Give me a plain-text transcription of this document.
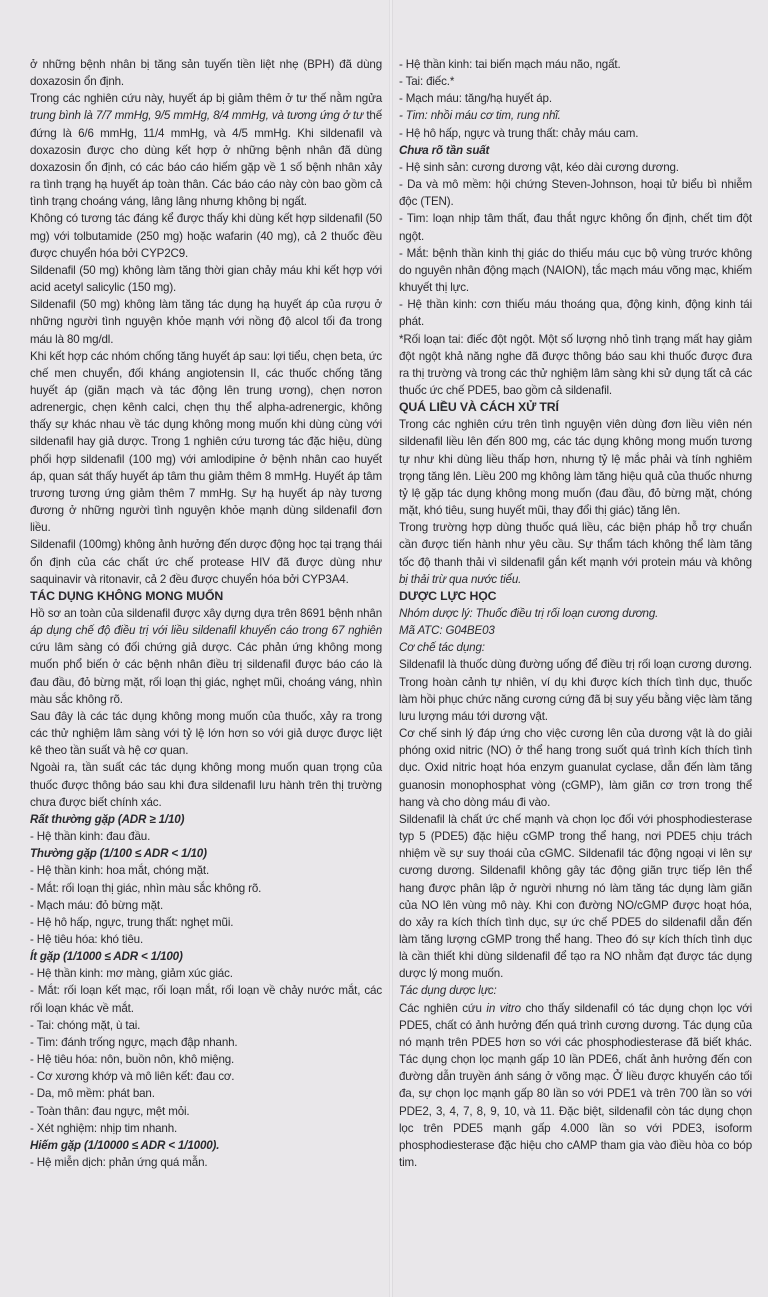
ở những bệnh nhân bị tăng sản tuyến tiền liệt nhẹ (BPH) đã dùng doxazosin ổn định.

Trong các nghiên cứu này, huyết áp bị giảm thêm ở tư thế nằm ngửa trung bình là 7/7 mmHg, 9/5 mmHg, 8/4 mmHg, và tương ứng ở tư thế đứng là 6/6 mmHg, 11/4 mmHg, và 4/5 mmHg. Khi sildenafil và doxazosin được cho dùng kết hợp ở những bệnh nhân đã dùng doxazosin ổn định, có các báo cáo hiếm gặp về 1 số bệnh nhân xảy ra tình trạng hạ huyết áp toàn thân. Các báo cáo này còn bao gồm cả tình trạng choáng váng, lâng lâng nhưng không bị ngất.

Không có tương tác đáng kể được thấy khi dùng kết hợp sildenafil (50 mg) với tolbutamide (250 mg) hoặc wafarin (40 mg), cả 2 thuốc đều được chuyển hóa bởi CYP2C9.

Sildenafil (50 mg) không làm tăng thời gian chảy máu khi kết hợp với acid acetyl salicylic (150 mg).

Sildenafil (50 mg) không làm tăng tác dụng hạ huyết áp của rượu ở những người tình nguyện khỏe mạnh với nồng độ alcol tối đa trong máu là 80 mg/dl.

Khi kết hợp các nhóm chống tăng huyết áp sau: lợi tiểu, chẹn beta, ức chế men chuyển, đối kháng angiotensin II, các thuốc chống tăng huyết áp (giãn mạch và tác động lên trung ương), chẹn nơron adrenergic, chẹn kênh calci, chẹn thụ thể alpha-adrenergic, không thấy sự khác nhau về tác dụng không mong muốn khi dùng cùng với sildenafil hay giả dược. Trong 1 nghiên cứu tương tác đặc hiệu, dùng phối hợp sildenafil (100 mg) với amlodipine ở bệnh nhân cao huyết áp, quan sát thấy huyết áp tâm thu giảm thêm 8 mmHg. Huyết áp tâm trương tương ứng giảm thêm 7 mmHg. Sự hạ huyết áp này tương đương ở những người tình nguyện khỏe mạnh dùng sildenafil đơn liều.

Sildenafil (100mg) không ảnh hưởng đến dược động học tại trạng thái ổn định của các chất ức chế protease HIV đã được dùng như saquinavir và ritonavir, cả 2 đều được chuyển hóa bởi CYP3A4.

TÁC DỤNG KHÔNG MONG MUỐN

Hồ sơ an toàn của sildenafil được xây dựng dựa trên 8691 bệnh nhân áp dụng chế độ điều trị với liều sildenafil khuyến cáo trong 67 nghiên cứu lâm sàng có đối chứng giả dược. Các phản ứng không mong muốn phổ biến ở các bệnh nhân điều trị sildenafil được báo cáo là đau đầu, đỏ bừng mặt, rối loạn thị giác, nghẹt mũi, choáng váng, nhìn màu sắc không rõ.

Sau đây là các tác dụng không mong muốn của thuốc, xảy ra trong các thử nghiệm lâm sàng với tỷ lệ lớn hơn so với giả dược được liệt kê theo tần suất và hệ cơ quan.

Ngoài ra, tần suất các tác dụng không mong muốn quan trọng của thuốc được thông báo sau khi đưa sildenafil lưu hành trên thị trường chưa được biết chính xác.

Rất thường gặp (ADR ≥ 1/10)

- Hệ thần kinh: đau đầu.

Thường gặp (1/100 ≤ ADR < 1/10)

- Hệ thần kinh: hoa mắt, chóng mặt.

- Mắt: rối loạn thị giác, nhìn màu sắc không rõ.

- Mạch máu: đỏ bừng mặt.

- Hệ hô hấp, ngực, trung thất: nghẹt mũi.

- Hệ tiêu hóa: khó tiêu.

Ít gặp (1/1000 ≤ ADR < 1/100)

- Hệ thần kinh: mơ màng, giảm xúc giác.

- Mắt: rối loạn kết mạc, rối loạn mắt, rối loạn về chảy nước mắt, các rối loạn khác về mắt.

- Tai: chóng mặt, ù tai.

- Tim: đánh trống ngực, mạch đập nhanh.

- Hệ tiêu hóa: nôn, buồn nôn, khô miệng.

- Cơ xương khớp và mô liên kết: đau cơ.

- Da, mô mềm: phát ban.

- Toàn thân: đau ngực, mệt mỏi.

- Xét nghiệm: nhịp tim nhanh.

Hiếm gặp (1/10000 ≤ ADR < 1/1000).

- Hệ miễn dịch: phản ứng quá mẫn.

- Hệ thần kinh: tai biến mạch máu não, ngất.

- Tai: điếc.*

- Mạch máu: tăng/hạ huyết áp.

- Tim: nhồi máu cơ tim, rung nhĩ.

- Hệ hô hấp, ngực và trung thất: chảy máu cam.

Chưa rõ tần suất

- Hệ sinh sản: cương dương vật, kéo dài cương dương.

- Da và mô mềm: hội chứng Steven-Johnson, hoại tử biểu bì nhiễm độc (TEN).

- Tim: loạn nhịp tâm thất, đau thắt ngực không ổn định, chết tim đột ngột.

- Mắt: bệnh thần kinh thị giác do thiếu máu cục bộ vùng trước không do nguyên nhân động mạch (NAION), tắc mạch máu võng mạc, khiếm khuyết thị lực.

- Hệ thần kinh: cơn thiếu máu thoáng qua, động kinh, động kinh tái phát.

*Rối loạn tai: điếc đột ngột. Một số lượng nhỏ tình trạng mất hay giảm đột ngột khả năng nghe đã được thông báo sau khi thuốc được đưa ra thị trường và trong các thử nghiệm lâm sàng khi sử dụng tất cả các thuốc ức chế PDE5, bao gồm cả sildenafil.

QUÁ LIỀU VÀ CÁCH XỬ TRÍ

Trong các nghiên cứu trên tình nguyện viên dùng đơn liều viên nén sildenafil liều lên đến 800 mg, các tác dụng không mong muốn tương tự như khi dùng liều thấp hơn, nhưng tỷ lệ mắc phải và tính nghiêm trọng tăng lên. Liều 200 mg không làm tăng hiệu quả của thuốc nhưng tỷ lệ gặp tác dụng không mong muốn (đau đầu, đỏ bừng mặt, chóng mặt, khó tiêu, sung huyết mũi, thay đổi thị giác) tăng lên.

Trong trường hợp dùng thuốc quá liều, các biện pháp hỗ trợ chuẩn cần được tiến hành như yêu cầu. Sự thẩm tách không thể làm tăng tốc độ thanh thải vì sildenafil gắn kết mạnh với protein máu và không bị thải trừ qua nước tiểu.

DƯỢC LỰC HỌC

Nhóm dược lý: Thuốc điều trị rối loạn cương dương.

Mã ATC: G04BE03

Cơ chế tác dụng:

Sildenafil là thuốc dùng đường uống để điều trị rối loạn cương dương. Trong hoàn cảnh tự nhiên, ví dụ khi được kích thích tình dục, thuốc làm hồi phục chức năng cương cứng đã bị suy yếu bằng việc làm tăng lưu lượng máu tới dương vật.

Cơ chế sinh lý đáp ứng cho việc cương lên của dương vật là do giải phóng oxid nitric (NO) ở thể hang trong suốt quá trình kích thích tình dục. Oxid nitric hoạt hóa enzym guanulat cyclase, dẫn đến làm tăng guanosin monophosphat vòng (cGMP), làm giãn cơ trơn trong thể hang và cho dòng máu đi vào.

Sildenafil là chất ức chế mạnh và chọn lọc đối với phosphodiesterase typ 5 (PDE5) đặc hiệu cGMP trong thể hang, nơi PDE5 chịu trách nhiệm về sự suy thoái của cGMC. Sildenafil tác động ngoại vi lên sự cương dương. Sildenafil không gây tác động giãn trực tiếp lên thể hang được phân lập ở người nhưng nó làm tăng tác dụng làm giãn của NO lên vùng mô này. Khi con đường NO/cGMP được hoạt hóa, do xảy ra kích thích tình dục, sự ức chế PDE5 do sildenafil dẫn đến làm tăng lượng cGMP trong thể hang. Theo đó sự kích thích tình dục là cần thiết khi dùng sildenafil để tạo ra NO nhằm đạt được tác dụng dược lý mong muốn.

Tác dụng dược lực:

Các nghiên cứu in vitro cho thấy sildenafil có tác dụng chọn lọc với PDE5, chất có ảnh hưởng đến quá trình cương dương. Tác dụng của nó mạnh trên PDE5 hơn so với các phosphodiesterase đã biết khác. Tác dụng chọn lọc mạnh gấp 10 lần PDE6, chất ảnh hưởng đến con đường dẫn truyền ánh sáng ở võng mạc. Ở liều được khuyến cáo tối đa, sự chọn lọc mạnh gấp 80 lần so với PDE1 và trên 700 lần so với PDE2, 3, 4, 7, 8, 9, 10, và 11. Đặc biệt, sildenafil còn tác dụng chọn lọc trên PDE5 mạnh gấp 4.000 lần so với PDE3, isoform phosphodiesterase đặc hiệu cho cAMP tham gia vào điều hòa co bóp tim.
